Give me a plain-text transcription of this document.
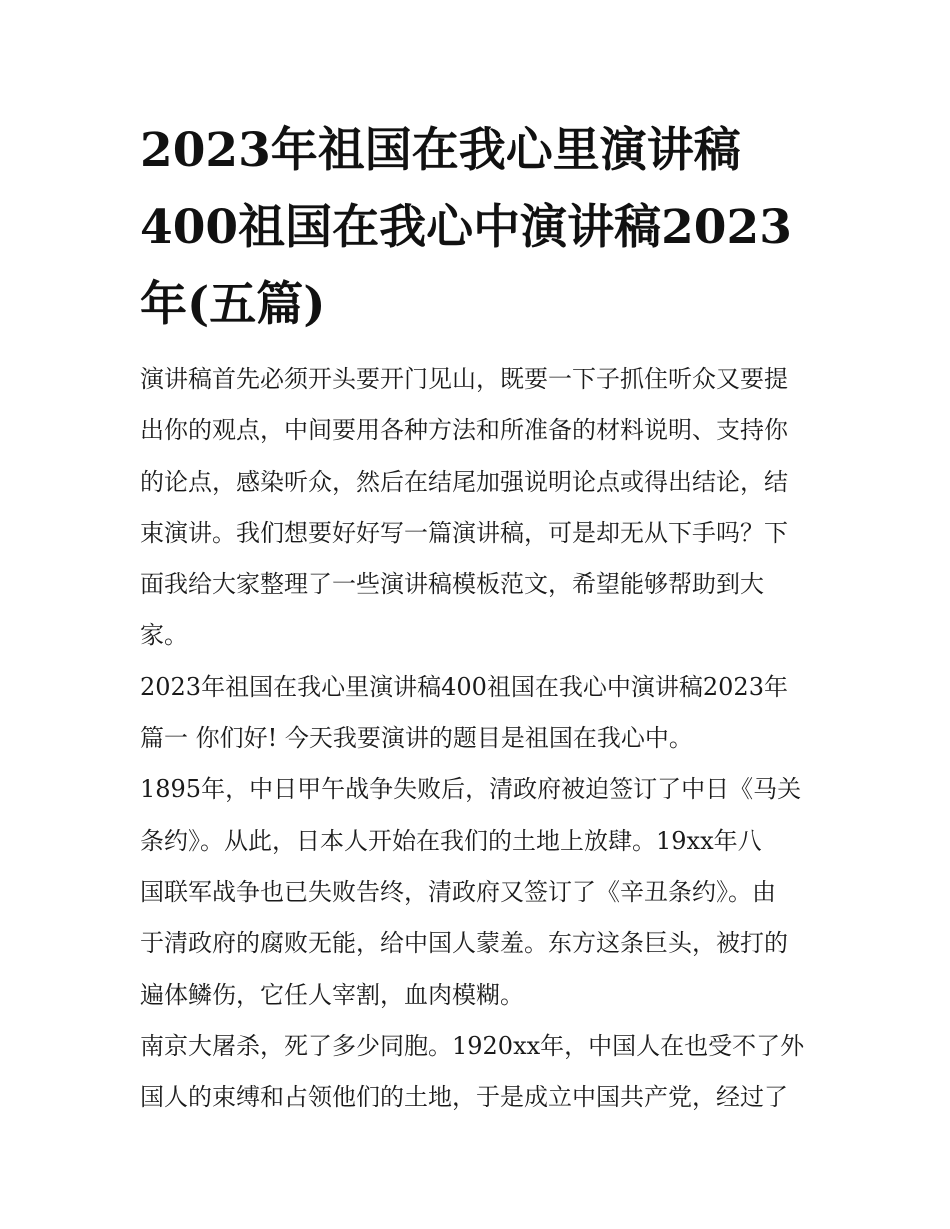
2023年祖国在我心里演讲稿
400祖国在我心中演讲稿2023
年(五篇)

演讲稿首先必须开头要开门见山，既要一下子抓住听众又要提
出你的观点，中间要用各种方法和所准备的材料说明、支持你
的论点，感染听众，然后在结尾加强说明论点或得出结论，结
束演讲。我们想要好好写一篇演讲稿，可是却无从下手吗？下
面我给大家整理了一些演讲稿模板范文，希望能够帮助到大
家。

2023年祖国在我心里演讲稿400祖国在我心中演讲稿2023年
篇一 你们好! 今天我要演讲的题目是祖国在我心中。

1895年，中日甲午战争失败后，清政府被迫签订了中日《马关
条约》。从此，日本人开始在我们的土地上放肆。19xx年八
国联军战争也已失败告终，清政府又签订了《辛丑条约》。由
于清政府的腐败无能，给中国人蒙羞。东方这条巨头，被打的
遍体鳞伤，它任人宰割，血肉模糊。

南京大屠杀，死了多少同胞。1920xx年，中国人在也受不了外
国人的束缚和占领他们的土地，于是成立中国共产党，经过了
